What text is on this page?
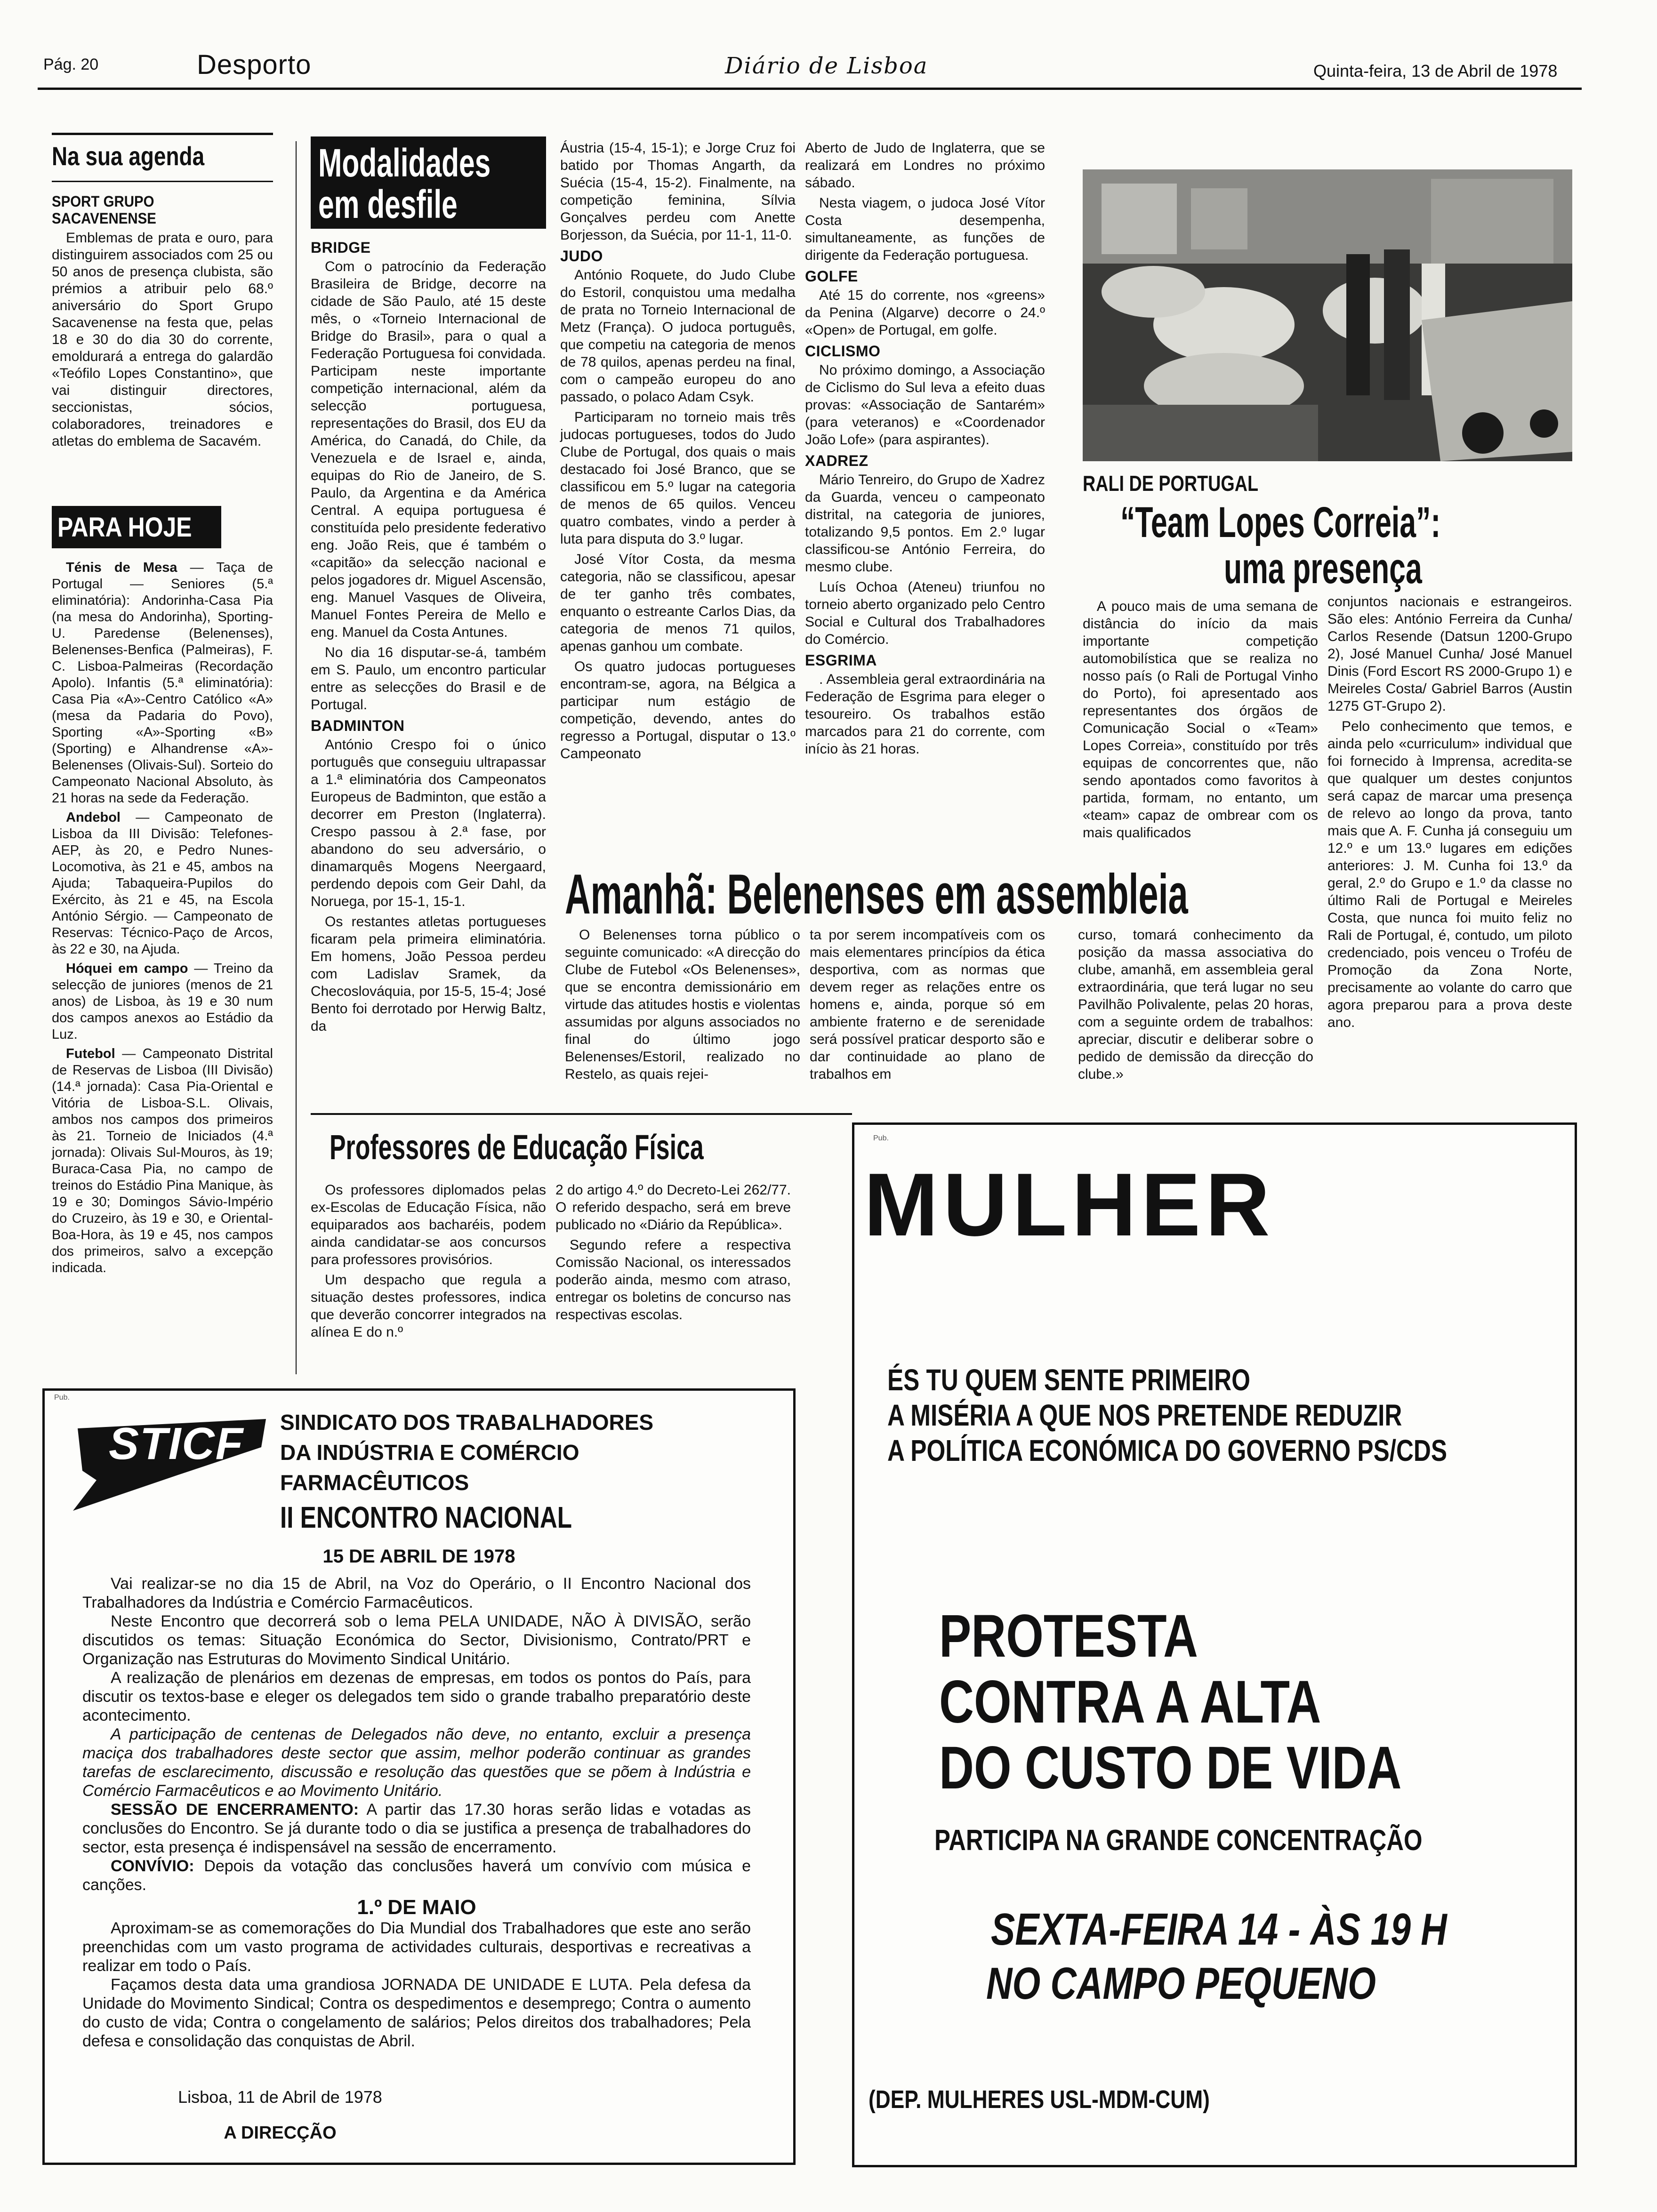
Pág. 20	Desporto	Diário de Lisboa	Quinta-feira, 13 de Abril de 1978
Na sua agenda
SPORT GRUPO SACAVENENSE

Emblemas de prata e ouro, para distinguirem associados com 25 ou 50 anos de presença clubista, são prémios a atribuir pelo 68.º aniversário do Sport Grupo Sacavenense na festa que, pelas 18 e 30 do dia 30 do corrente, emoldurará a entrega do galardão «Teófilo Lopes Constantino», que vai distinguir directores, seccionistas, sócios, colaboradores, treinadores e atletas do emblema de Sacavém.

PARA HOJE

Ténis de Mesa — Taça de Portugal — Seniores (5.ª eliminatória): Andorinha-Casa Pia (na mesa do Andorinha), Sporting-U. Paredense (Belenenses), Belenenses-Benfica (Palmeiras), F. C. Lisboa-Palmeiras (Recordação Apolo). Infantis (5.ª eliminatória): Casa Pia «A»-Centro Católico «A» (mesa da Padaria do Povo), Sporting «A»-Sporting «B» (Sporting) e Alhandrense «A»-Belenenses (Olivais-Sul). Sorteio do Campeonato Nacional Absoluto, às 21 horas na sede da Federação.

Andebol — Campeonato de Lisboa da III Divisão: Telefones-AEP, às 20, e Pedro Nunes-Locomotiva, às 21 e 45, ambos na Ajuda; Tabaqueira-Pupilos do Exército, às 21 e 45, na Escola António Sérgio. — Campeonato de Reservas: Técnico-Paço de Arcos, às 22 e 30, na Ajuda.

Hóquei em campo — Treino da selecção de juniores (menos de 21 anos) de Lisboa, às 19 e 30 num dos campos anexos ao Estádio da Luz.

Futebol — Campeonato Distrital de Reservas de Lisboa (III Divisão) (14.ª jornada): Casa Pia-Oriental e Vitória de Lisboa-S.L. Olivais, ambos nos campos dos primeiros às 21. Torneio de Iniciados (4.ª jornada): Olivais Sul-Mouros, às 19; Buraca-Casa Pia, no campo de treinos do Estádio Pina Manique, às 19 e 30; Domingos Sávio-Império do Cruzeiro, às 19 e 30, e Oriental-Boa-Hora, às 19 e 45, nos campos dos primeiros, salvo a excepção indicada.

Modalidades
em desfile
BRIDGE

Com o patrocínio da Federação Brasileira de Bridge, decorre na cidade de São Paulo, até 15 deste mês, o «Torneio Internacional de Bridge do Brasil», para o qual a Federação Portuguesa foi convidada. Participam neste importante competição internacional, além da selecção portuguesa, representações do Brasil, dos EU da América, do Canadá, do Chile, da Venezuela e de Israel e, ainda, equipas do Rio de Janeiro, de S. Paulo, da Argentina e da América Central. A equipa portuguesa é constituída pelo presidente federativo eng. João Reis, que é também o «capitão» da selecção nacional e pelos jogadores dr. Miguel Ascensão, eng. Manuel Vasques de Oliveira, Manuel Fontes Pereira de Mello e eng. Manuel da Costa Antunes.

No dia 16 disputar-se-á, também em S. Paulo, um encontro particular entre as selecções do Brasil e de Portugal.

BADMINTON

António Crespo foi o único português que conseguiu ultrapassar a 1.ª eliminatória dos Campeonatos Europeus de Badminton, que estão a decorrer em Preston (Inglaterra). Crespo passou à 2.ª fase, por abandono do seu adversário, o dinamarquês Mogens Neergaard, perdendo depois com Geir Dahl, da Noruega, por 15-1, 15-1.

Os restantes atletas portugueses ficaram pela primeira eliminatória. Em homens, João Pessoa perdeu com Ladislav Sramek, da Checoslováquia, por 15-5, 15-4; José Bento foi derrotado por Herwig Baltz, da

Áustria (15-4, 15-1); e Jorge Cruz foi batido por Thomas Angarth, da Suécia (15-4, 15-2). Finalmente, na competição feminina, Sílvia Gonçalves perdeu com Anette Borjesson, da Suécia, por 11-1, 11-0.

JUDO

António Roquete, do Judo Clube do Estoril, conquistou uma medalha de prata no Torneio Internacional de Metz (França). O judoca português, que competiu na categoria de menos de 78 quilos, apenas perdeu na final, com o campeão europeu do ano passado, o polaco Adam Csyk.

Participaram no torneio mais três judocas portugueses, todos do Judo Clube de Portugal, dos quais o mais destacado foi José Branco, que se classificou em 5.º lugar na categoria de menos de 65 quilos. Venceu quatro combates, vindo a perder à luta para disputa do 3.º lugar.

José Vítor Costa, da mesma categoria, não se classificou, apesar de ter ganho três combates, enquanto o estreante Carlos Dias, da categoria de menos 71 quilos, apenas ganhou um combate.

Os quatro judocas portugueses encontram-se, agora, na Bélgica a participar num estágio de competição, devendo, antes do regresso a Portugal, disputar o 13.º Campeonato

Aberto de Judo de Inglaterra, que se realizará em Londres no próximo sábado.

Nesta viagem, o judoca José Vítor Costa desempenha, simultaneamente, as funções de dirigente da Federação portuguesa.

GOLFE

Até 15 do corrente, nos «greens» da Penina (Algarve) decorre o 24.º «Open» de Portugal, em golfe.

CICLISMO

No próximo domingo, a Associação de Ciclismo do Sul leva a efeito duas provas: «Associação de Santarém» (para veteranos) e «Coordenador João Lofe» (para aspirantes).

XADREZ

Mário Tenreiro, do Grupo de Xadrez da Guarda, venceu o campeonato distrital, na categoria de juniores, totalizando 9,5 pontos. Em 2.º lugar classificou-se António Ferreira, do mesmo clube.

Luís Ochoa (Ateneu) triunfou no torneio aberto organizado pelo Centro Social e Cultural dos Trabalhadores do Comércio.

ESGRIMA

. Assembleia geral extraordinária na Federação de Esgrima para eleger o tesoureiro. Os trabalhos estão marcados para 21 do corrente, com início às 21 horas.

RALI DE PORTUGAL
“Team Lopes Correia”:
uma presença

A pouco mais de uma semana de distância do início da mais importante competição automobilística que se realiza no nosso país (o Rali de Portugal Vinho do Porto), foi apresentado aos representantes dos órgãos de Comunicação Social o «Team» Lopes Correia», constituído por três equipas de concorrentes que, não sendo apontados como favoritos à partida, formam, no entanto, um «team» capaz de ombrear com os mais qualificados

conjuntos nacionais e estrangeiros. São eles: António Ferreira da Cunha/ Carlos Resende (Datsun 1200-Grupo 2), José Manuel Cunha/ José Manuel Dinis (Ford Escort RS 2000-Grupo 1) e Meireles Costa/ Gabriel Barros (Austin 1275 GT-Grupo 2).

Pelo conhecimento que temos, e ainda pelo «curriculum» individual que foi fornecido à Imprensa, acredita-se que qualquer um destes conjuntos será capaz de marcar uma presença de relevo ao longo da prova, tanto mais que A. F. Cunha já conseguiu um 12.º e um 13.º lugares em edições anteriores: J. M. Cunha foi 13.º da geral, 2.º do Grupo e 1.º da classe no último Rali de Portugal e Meireles Costa, que nunca foi muito feliz no Rali de Portugal, é, contudo, um piloto credenciado, pois venceu o Troféu de Promoção da Zona Norte, precisamente ao volante do carro que agora preparou para a prova deste ano.

Amanhã: Belenenses em assembleia

O Belenenses torna público o seguinte comunicado: «A direcção do Clube de Futebol «Os Belenenses», que se encontra demissionário em virtude das atitudes hostis e violentas assumidas por alguns associados no final do último jogo Belenenses/Estoril, realizado no Restelo, as quais rejei-

ta por serem incompatíveis com os mais elementares princípios da ética desportiva, com as normas que devem reger as relações entre os homens e, ainda, porque só em ambiente fraterno e de serenidade será possível praticar desporto são e dar continuidade ao plano de trabalhos em

curso, tomará conhecimento da posição da massa associativa do clube, amanhã, em assembleia geral extraordinária, que terá lugar no seu Pavilhão Polivalente, pelas 20 horas, com a seguinte ordem de trabalhos: apreciar, discutir e deliberar sobre o pedido de demissão da direcção do clube.»

Professores de Educação Física

Os professores diplomados pelas ex-Escolas de Educação Física, não equiparados aos bacharéis, podem ainda candidatar-se aos concursos para professores provisórios.

Um despacho que regula a situação destes professores, indica que deverão concorrer integrados na alínea E do n.º

2 do artigo 4.º do Decreto-Lei 262/77. O referido despacho, será em breve publicado no «Diário da República».

Segundo refere a respectiva Comissão Nacional, os interessados poderão ainda, mesmo com atraso, entregar os boletins de concurso nas respectivas escolas.

Pub.
STICF SINDICATO DOS TRABALHADORES
DA INDÚSTRIA E COMÉRCIO
FARMACÊUTICOS
II ENCONTRO NACIONAL
15 DE ABRIL DE 1978

Vai realizar-se no dia 15 de Abril, na Voz do Operário, o II Encontro Nacional dos Trabalhadores da Indústria e Comércio Farmacêuticos.

Neste Encontro que decorrerá sob o lema PELA UNIDADE, NÃO À DIVISÃO, serão discutidos os temas: Situação Económica do Sector, Divisionismo, Contrato/PRT e Organização nas Estruturas do Movimento Sindical Unitário.

A realização de plenários em dezenas de empresas, em todos os pontos do País, para discutir os textos-base e eleger os delegados tem sido o grande trabalho preparatório deste acontecimento.

A participação de centenas de Delegados não deve, no entanto, excluir a presença maciça dos trabalhadores deste sector que assim, melhor poderão continuar as grandes tarefas de esclarecimento, discussão e resolução das questões que se põem à Indústria e Comércio Farmacêuticos e ao Movimento Unitário.

SESSÃO DE ENCERRAMENTO: A partir das 17.30 horas serão lidas e votadas as conclusões do Encontro. Se já durante todo o dia se justifica a presença de trabalhadores do sector, esta presença é indispensável na sessão de encerramento.

CONVÍVIO: Depois da votação das conclusões haverá um convívio com música e canções.

1.º DE MAIO

Aproximam-se as comemorações do Dia Mundial dos Trabalhadores que este ano serão preenchidas com um vasto programa de actividades culturais, desportivas e recreativas a realizar em todo o País.

Façamos desta data uma grandiosa JORNADA DE UNIDADE E LUTA. Pela defesa da Unidade do Movimento Sindical; Contra os despedimentos e desemprego; Contra o aumento do custo de vida; Contra o congelamento de salários; Pelos direitos dos trabalhadores; Pela defesa e consolidação das conquistas de Abril.

Lisboa, 11 de Abril de 1978
A DIRECÇÃO
Pub.
MULHER
ÉS TU QUEM SENTE PRIMEIRO
A MISÉRIA A QUE NOS PRETENDE REDUZIR
A POLÍTICA ECONÓMICA DO GOVERNO PS/CDS
PROTESTA
CONTRA A ALTA
DO CUSTO DE VIDA
PARTICIPA NA GRANDE CONCENTRAÇÃO
SEXTA-FEIRA 14 - ÀS 19 H
NO CAMPO PEQUENO
(DEP. MULHERES USL-MDM-CUM)
